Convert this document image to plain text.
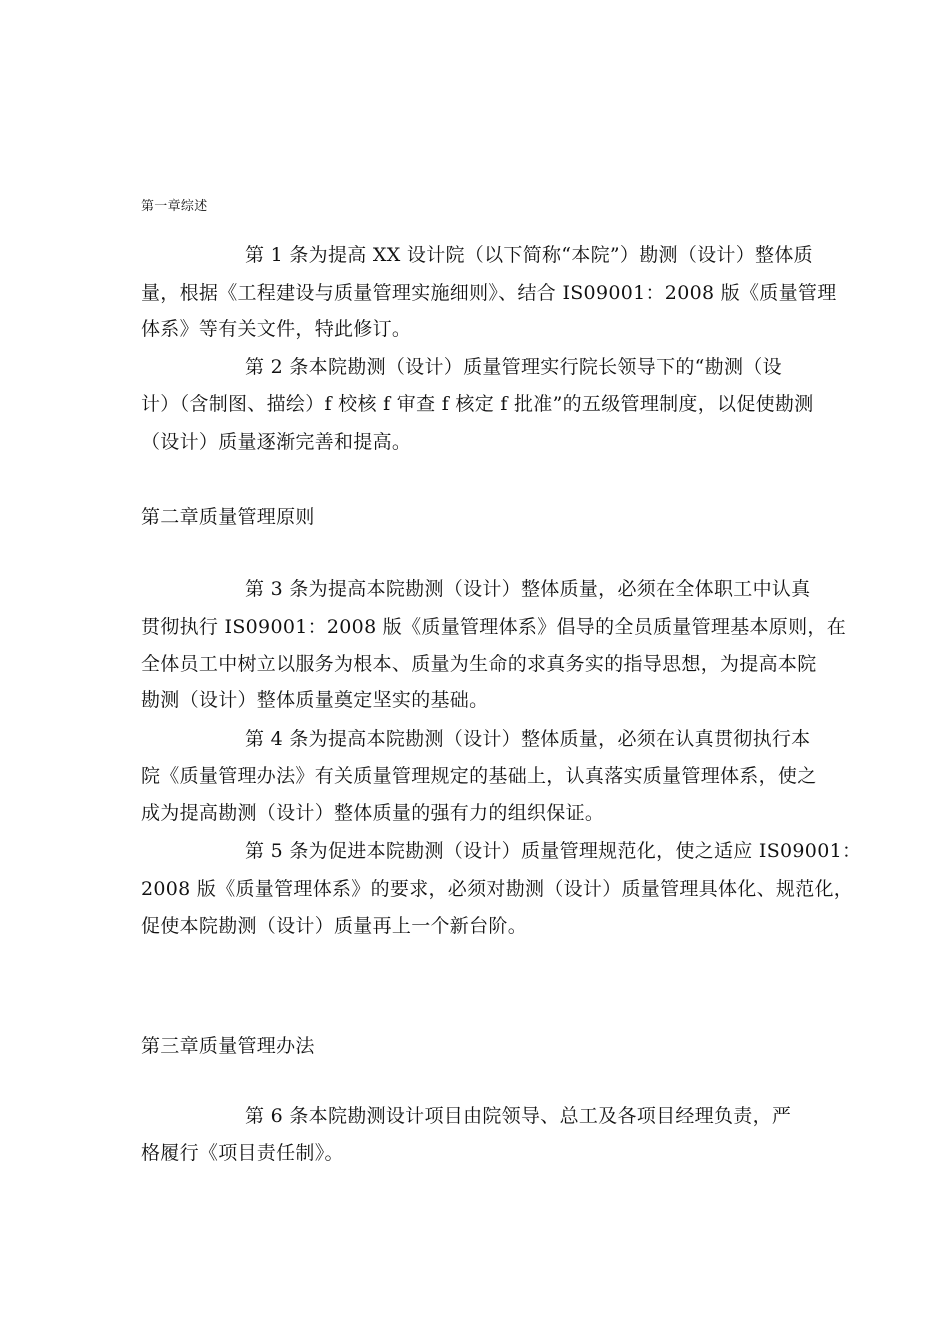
第一章综述
第 1 条为提高 XX 设计院（以下简称“本院”）勘测（设计）整体质
量，根据《工程建设与质量管理实施细则》、结合 IS09001：2008 版《质量管理
体系》等有关文件，特此修订。
第 2 条本院勘测（设计）质量管理实行院长领导下的“勘测（设
计）（含制图、描绘）f 校核 f 审查 f 核定 f 批准”的五级管理制度，以促使勘测
（设计）质量逐渐完善和提高。
第二章质量管理原则
第 3 条为提高本院勘测（设计）整体质量，必须在全体职工中认真
贯彻执行 IS09001：2008 版《质量管理体系》倡导的全员质量管理基本原则，在
全体员工中树立以服务为根本、质量为生命的求真务实的指导思想，为提高本院
勘测（设计）整体质量奠定坚实的基础。
第 4 条为提高本院勘测（设计）整体质量，必须在认真贯彻执行本
院《质量管理办法》有关质量管理规定的基础上，认真落实质量管理体系，使之
成为提高勘测（设计）整体质量的强有力的组织保证。
第 5 条为促进本院勘测（设计）质量管理规范化，使之适应 IS09001：
2008 版《质量管理体系》的要求，必须对勘测（设计）质量管理具体化、规范化，
促使本院勘测（设计）质量再上一个新台阶。
第三章质量管理办法
第 6 条本院勘测设计项目由院领导、总工及各项目经理负责，严
格履行《项目责任制》。
